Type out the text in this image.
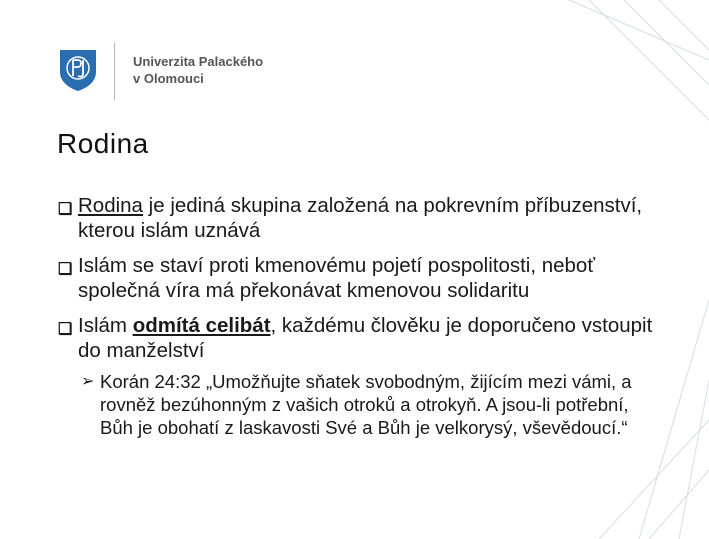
Univerzita Palackého
v Olomouci
Rodina
❑ Rodina je jediná skupina založená na pokrevním příbuzenství, kterou islám uznává
❑ Islám se staví proti kmenovému pojetí pospolitosti, neboť společná víra má překonávat kmenovou solidaritu
❑ Islám odmítá celibát, každému člověku je doporučeno vstoupit do manželství
➢ Korán 24:32 „Umožňujte sňatek svobodným, žijícím mezi vámi, a rovněž bezúhonným z vašich otroků a otrokyň. A jsou-li potřební, Bůh je obohatí z laskavosti Své a Bůh je velkorysý, vševědoucí.“
